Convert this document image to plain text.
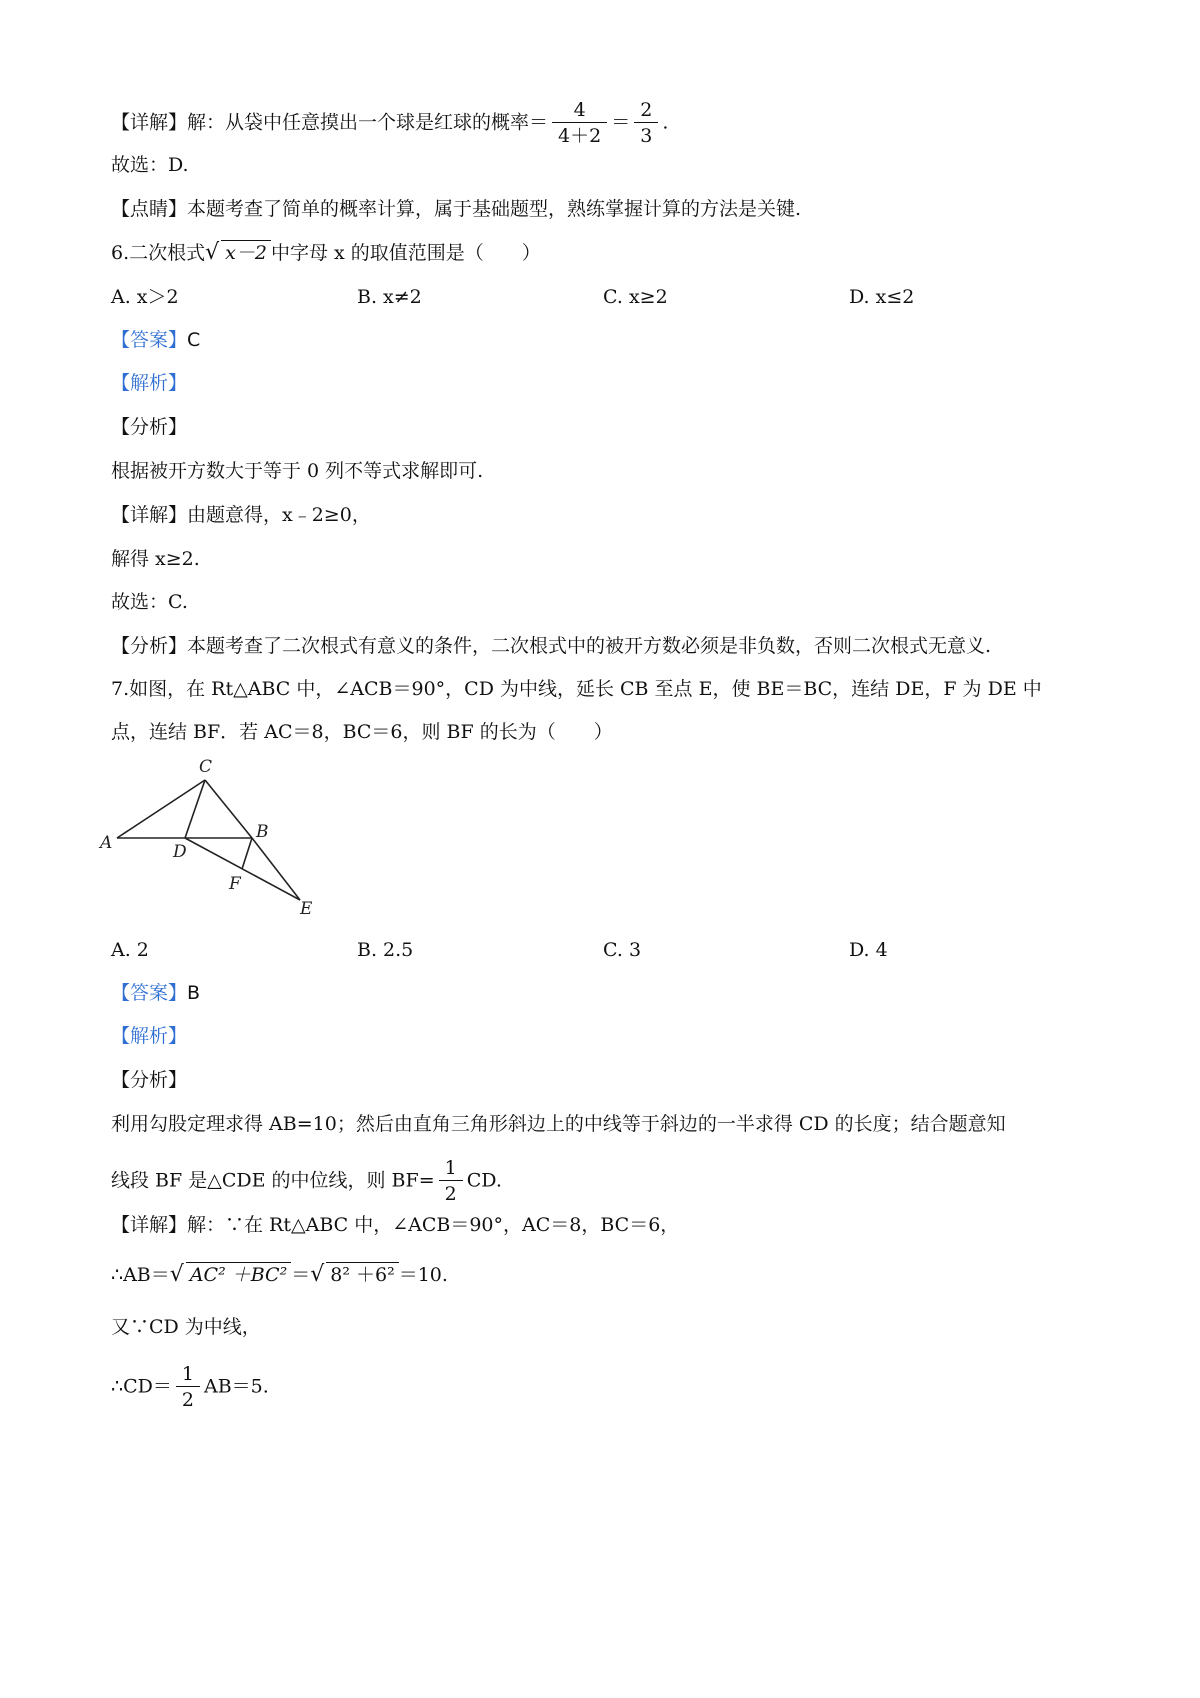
【详解】解：从袋中任意摸出一个球是红球的概率＝ $\frac{4}{4+2} = \frac{2}{3}$ .
故选：D.
【点睛】本题考查了简单的概率计算，属于基础题型，熟练掌握计算的方法是关键.
6.二次根式√ x－2 中字母 x 的取值范围是（　　）
A. x＞2	B. x≠2	C. x≥2	D. x≤2
【答案】C
【解析】
【分析】
根据被开方数大于等于 0 列不等式求解即可.
【详解】由题意得，x﹣2≥0，
解得 x≥2.
故选：C.
【分析】本题考查了二次根式有意义的条件，二次根式中的被开方数必须是非负数，否则二次根式无意义.
7.如图，在 Rt△ABC 中，∠ACB＝90°，CD 为中线，延长 CB 至点 E，使 BE＝BC，连结 DE，F 为 DE 中
点，连结 BF．若 AC＝8，BC＝6，则 BF 的长为（　　）
A
C
B
D
F
E
A. 2	B. 2.5	C. 3	D. 4
【答案】B
【解析】
【分析】
利用勾股定理求得 AB=10；然后由直角三角形斜边上的中线等于斜边的一半求得 CD 的长度；结合题意知
线段 BF 是△CDE 的中位线，则 $BF= \frac{1}{2}$ CD.
【详解】解：∵在 Rt△ABC 中，∠ACB＝90°，AC＝8，BC＝6，
∴AB＝√ AC² ＋BC² ＝√ 8² ＋6² ＝10.
又∵CD 为中线，
∴CD＝ $\frac{1}{2} AB=5$.
